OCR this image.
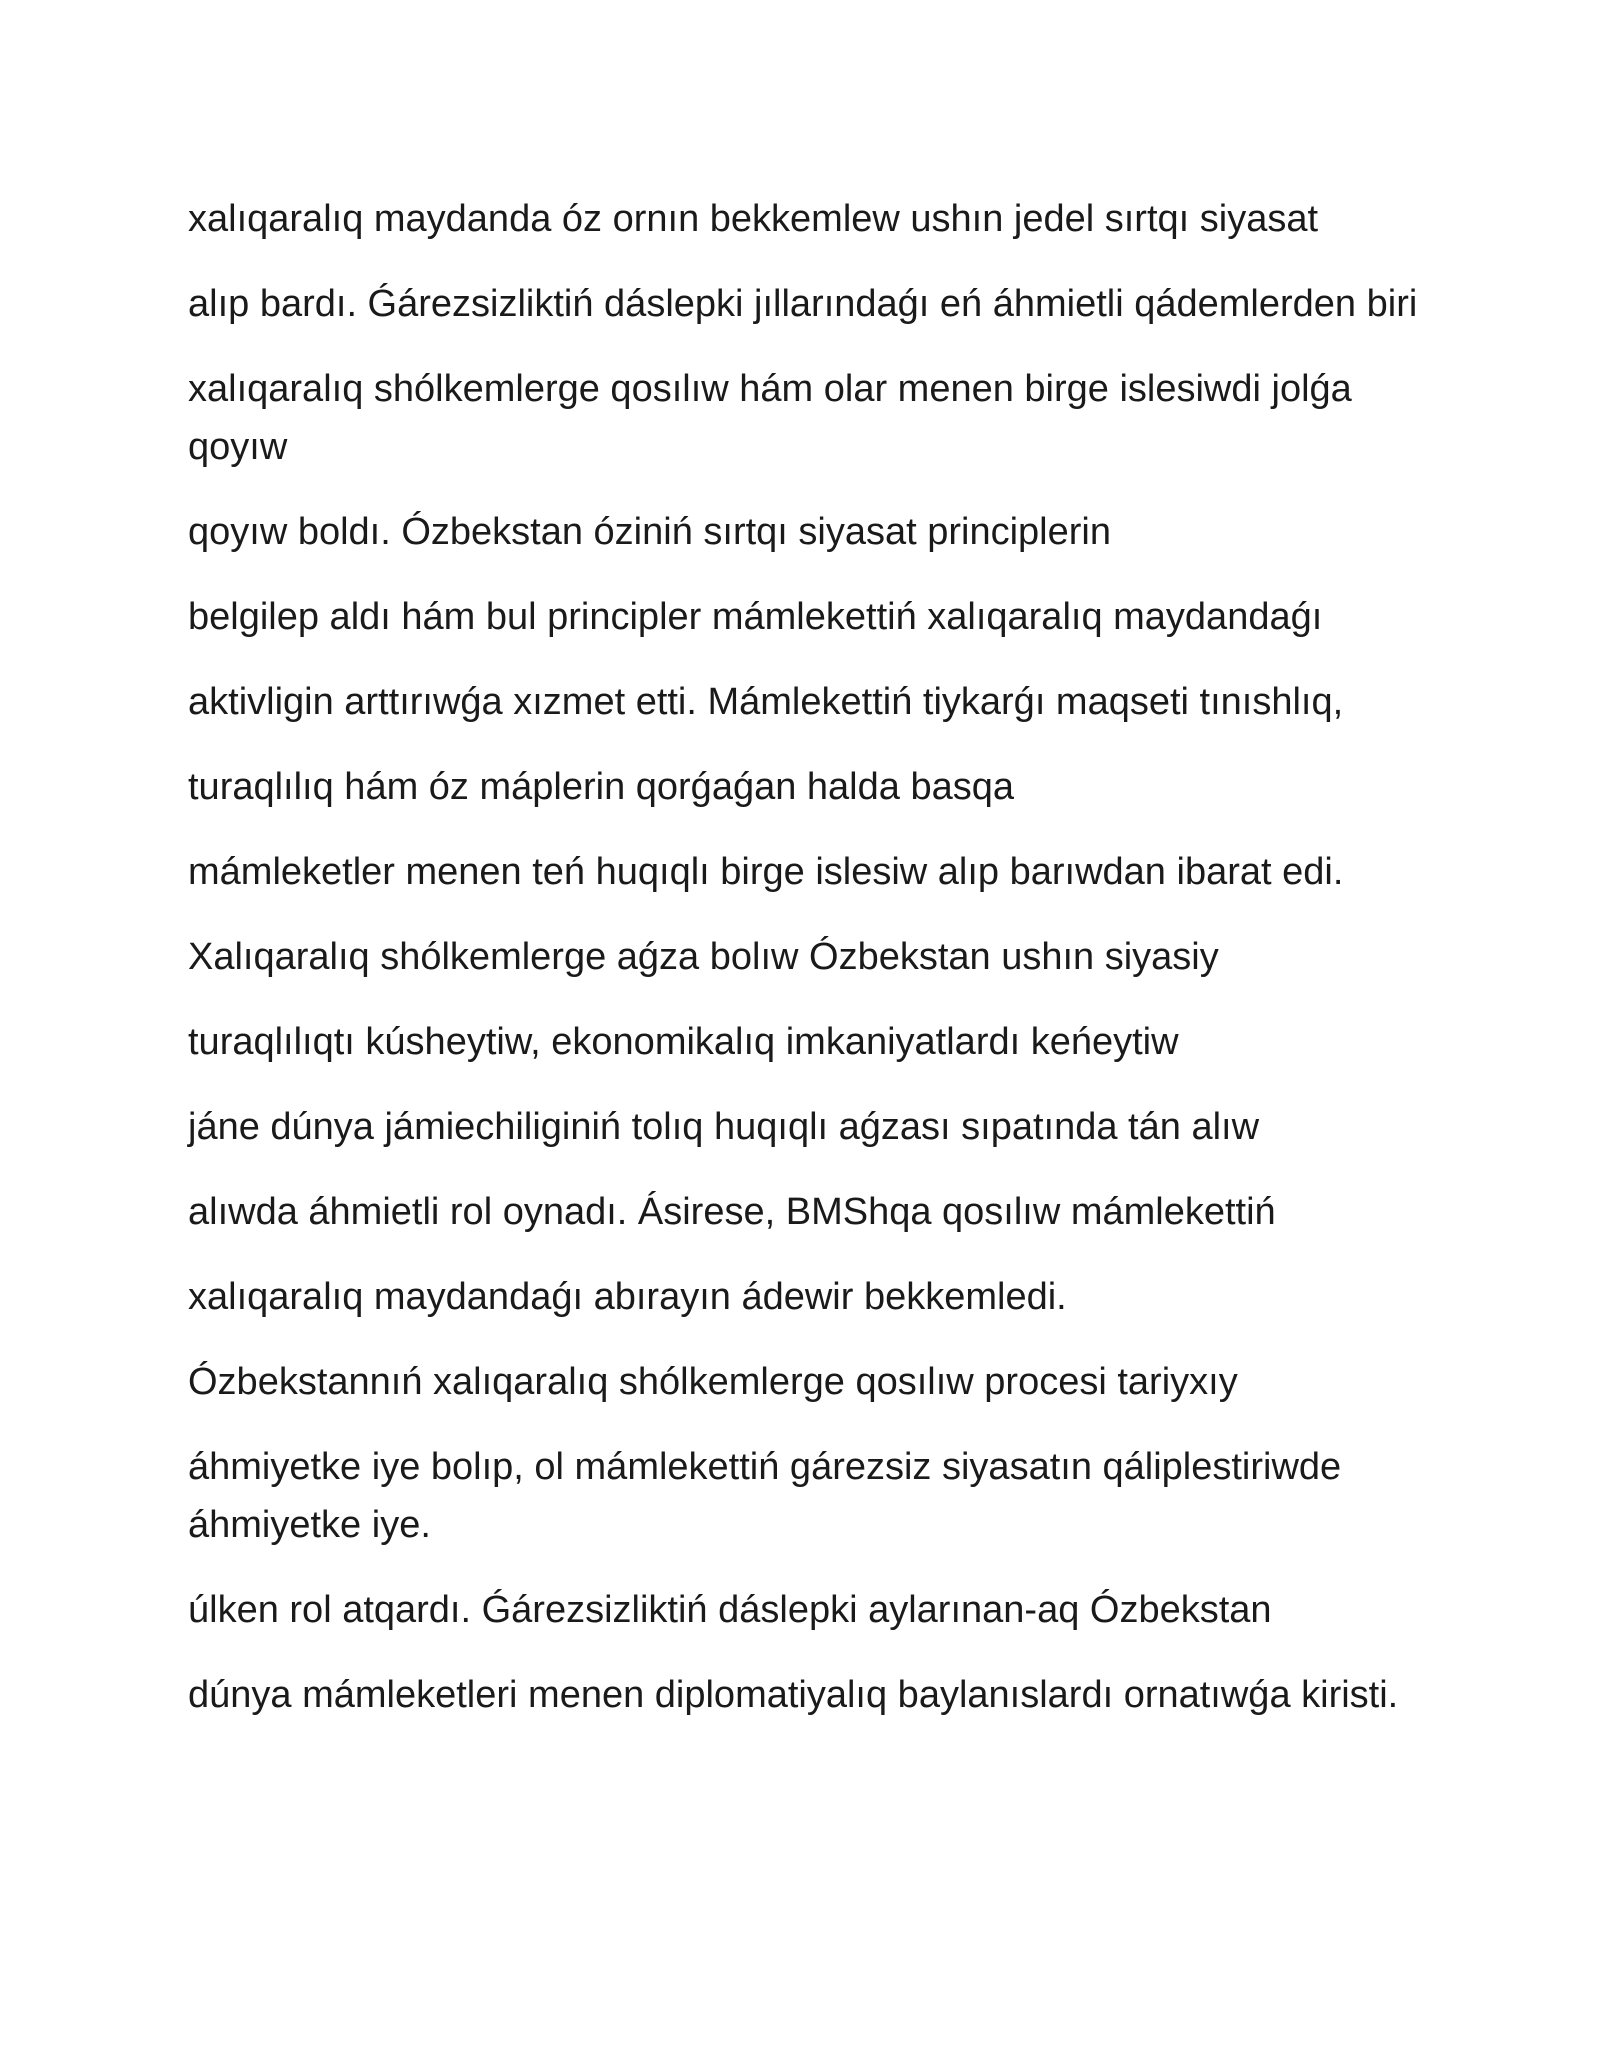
xalıqaralıq maydanda óz ornın bekkemlew ushın jedel sırtqı siyasat

alıp bardı. Ǵárezsizliktiń dáslepki jıllarındaǵı eń áhmietli qádemlerden biri

xalıqaralıq shólkemlerge qosılıw hám olar menen birge islesiwdi jolǵa qoyıw

qoyıw boldı. Ózbekstan óziniń sırtqı siyasat principlerin

belgilep aldı hám bul principler mámlekettiń xalıqaralıq maydandaǵı

aktivligin arttırıwǵa xızmet etti. Mámlekettiń tiykarǵı maqseti tınıshlıq,

turaqlılıq hám óz máplerin qorǵaǵan halda basqa

mámleketler menen teń huqıqlı birge islesiw alıp barıwdan ibarat edi.

Xalıqaralıq shólkemlerge aǵza bolıw Ózbekstan ushın siyasiy

turaqlılıqtı kúsheytiw, ekonomikalıq imkaniyatlardı keńeytiw

jáne dúnya jámiechiliginiń tolıq huqıqlı aǵzası sıpatında tán alıw

alıwda áhmietli rol oynadı. Ásirese, BMShqa qosılıw mámlekettiń

xalıqaralıq maydandaǵı abırayın ádewir bekkemledi.

Ózbekstannıń xalıqaralıq shólkemlerge qosılıw procesi tariyxıy

áhmiyetke iye bolıp, ol mámlekettiń gárezsiz siyasatın qáliplestiriwde áhmiyetke iye.

úlken rol atqardı. Ǵárezsizliktiń dáslepki aylarınan-aq Ózbekstan

dúnya mámleketleri menen diplomatiyalıq baylanıslardı ornatıwǵa kiristi.
